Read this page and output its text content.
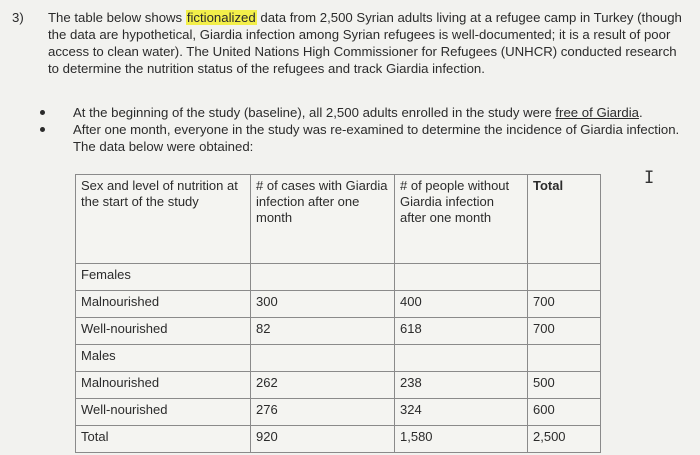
3) The table below shows fictionalized data from 2,500 Syrian adults living at a refugee camp in Turkey (though the data are hypothetical, Giardia infection among Syrian refugees is well-documented; it is a result of poor access to clean water). The United Nations High Commissioner for Refugees (UNHCR) conducted research to determine the nutrition status of the refugees and track Giardia infection.
At the beginning of the study (baseline), all 2,500 adults enrolled in the study were free of Giardia.
After one month, everyone in the study was re-examined to determine the incidence of Giardia infection. The data below were obtained:
I
Sex and level of nutrition at the start of the study	# of cases with Giardia infection after one month	# of people without Giardia infection after one month	Total
Females			
Malnourished	300	400	700
Well-nourished	82	618	700
Males			
Malnourished	262	238	500
Well-nourished	276	324	600
Total	920	1,580	2,500
